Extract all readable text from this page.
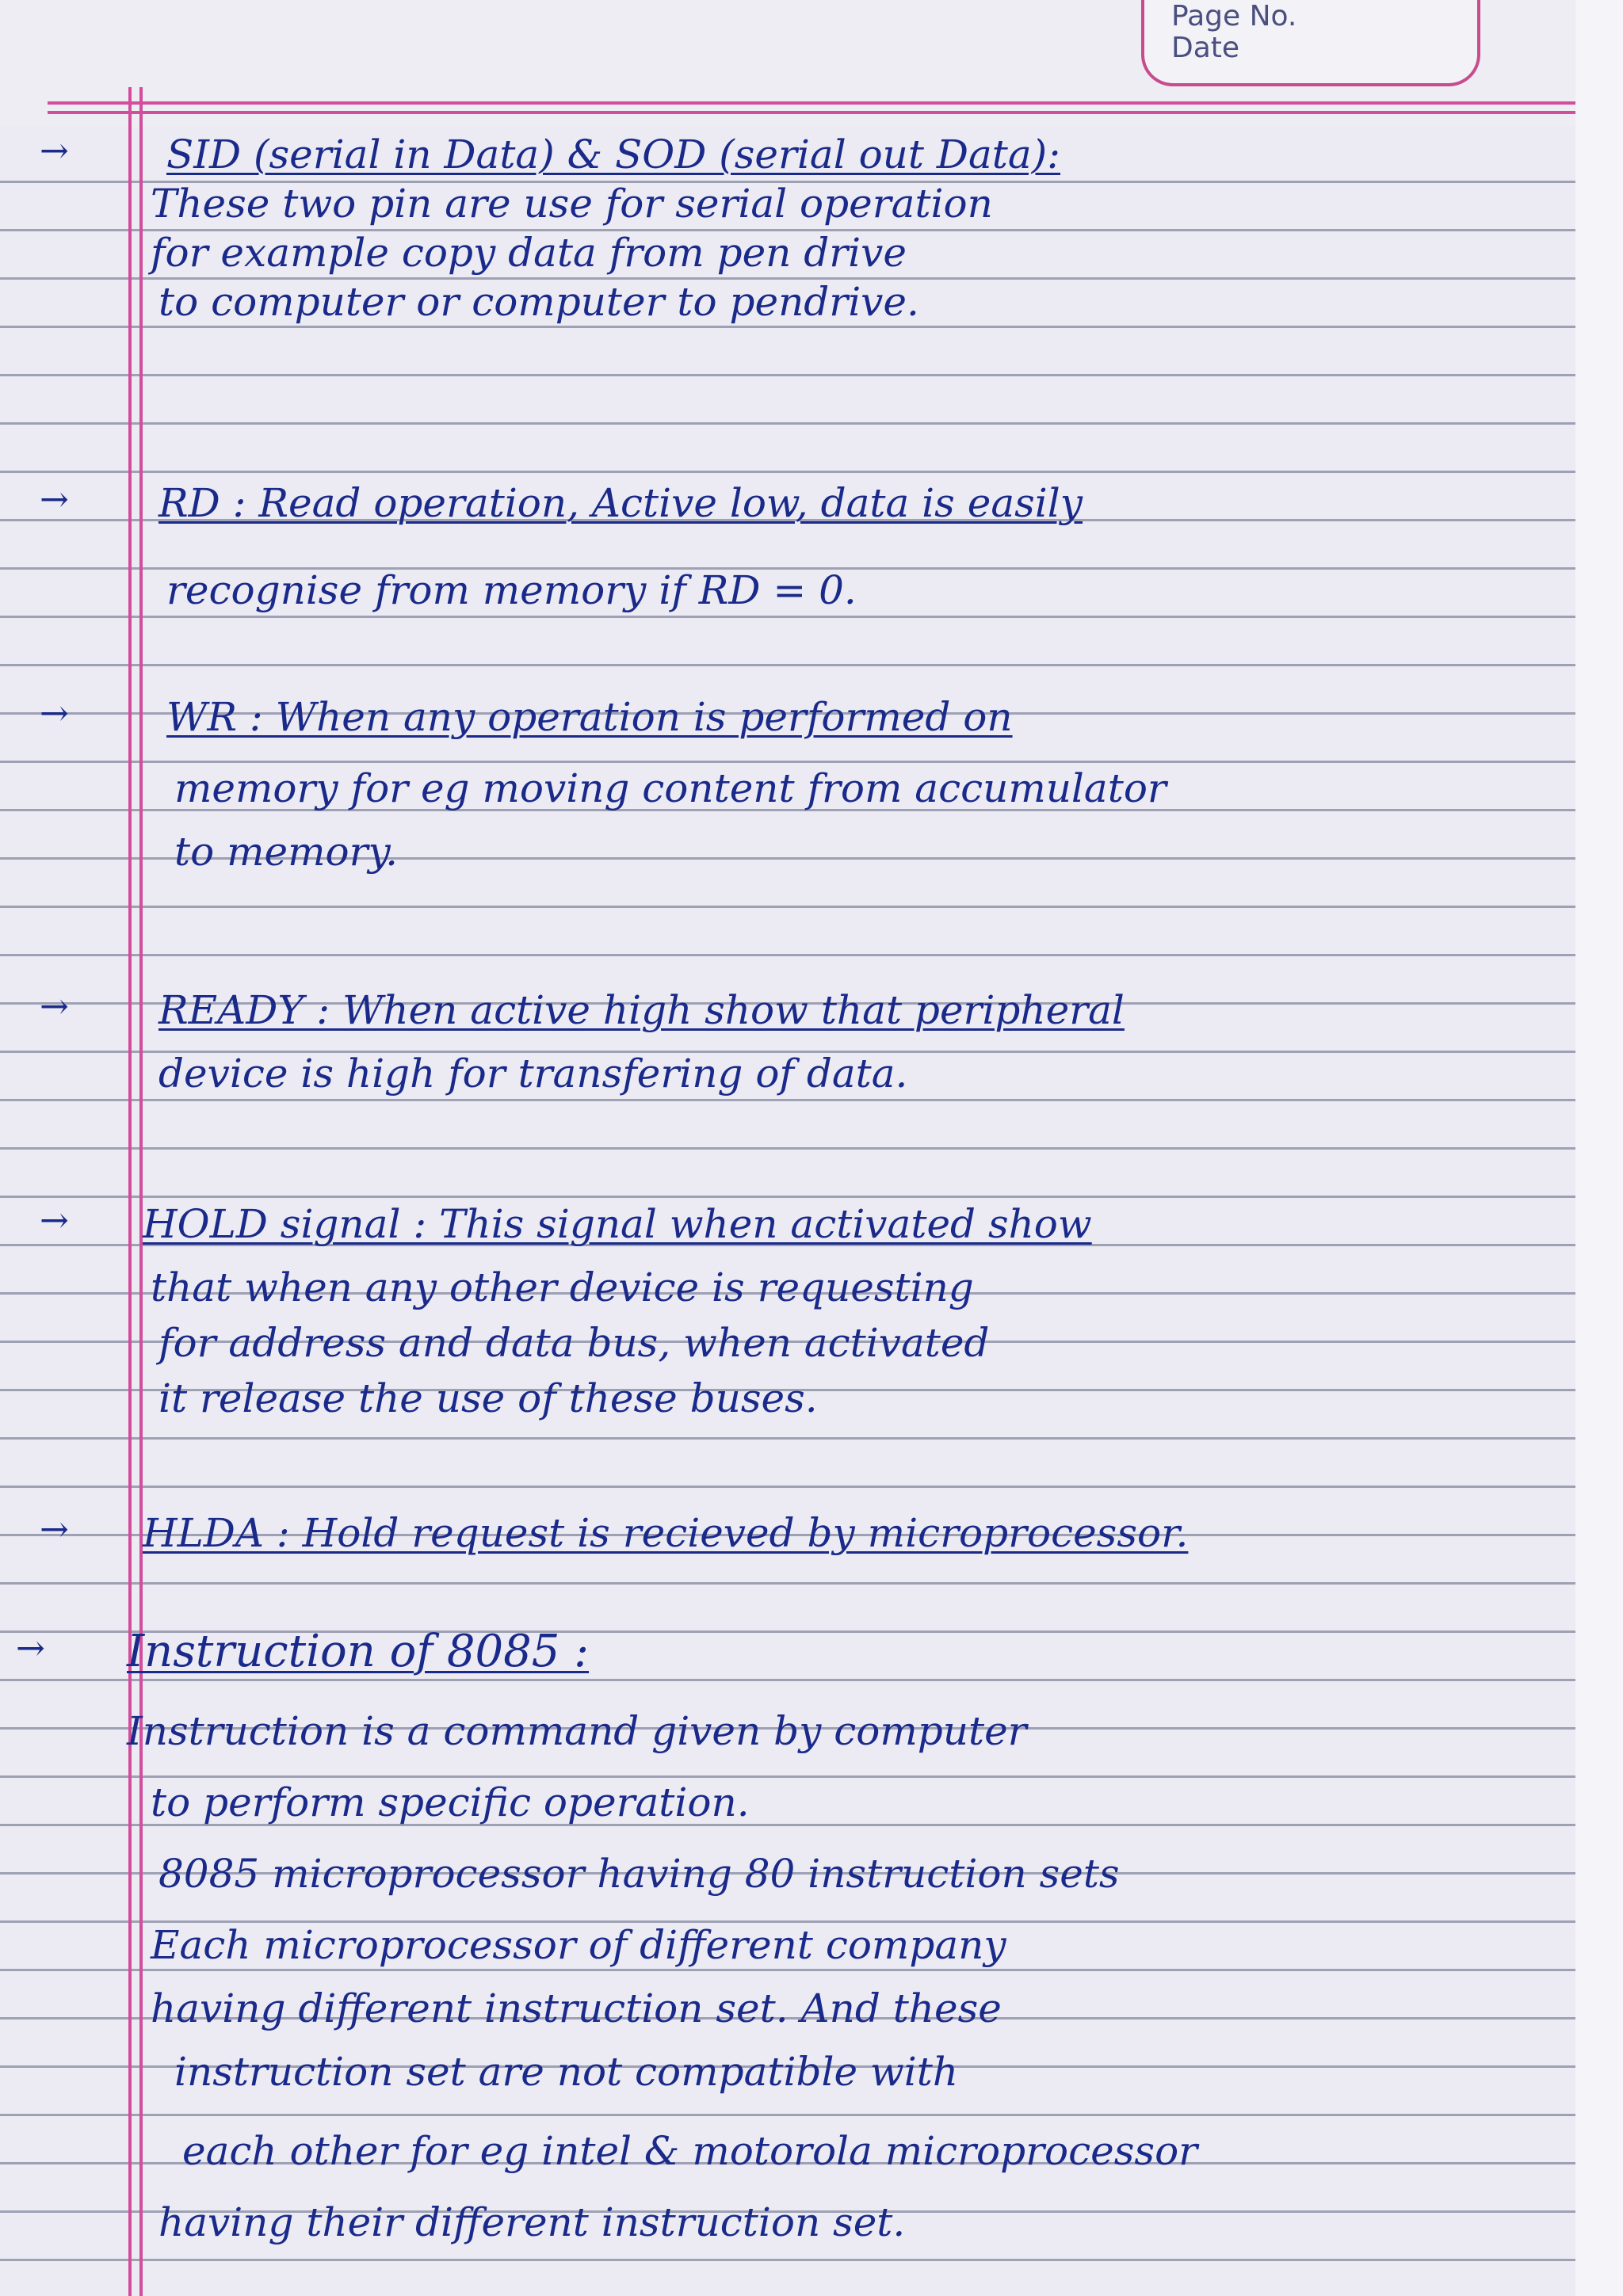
Page No.
Date
→ SID (serial in Data) & SOD (serial out Data):
These two pin are use for serial operation
for example copy data from pen drive
to computer or computer to pendrive.
→ RD : Read operation, Active low, data is easily
recognise from memory if RD = 0.
→ WR : When any operation is performed on
memory for eg moving content from accumulator
to memory.
→ READY : When active high show that peripheral
device is high for transfering of data.
→ HOLD signal : This signal when activated show
that when any other device is requesting
for address and data bus, when activated
it release the use of these buses.
→ HLDA : Hold request is recieved by microprocessor.
→ Instruction of 8085 :
Instruction is a command given by computer
to perform specific operation.
8085 microprocessor having 80 instruction sets
Each microprocessor of different company
having different instruction set. And these
instruction set are not compatible with
each other for eg intel & motorola microprocessor
having their different instruction set.
